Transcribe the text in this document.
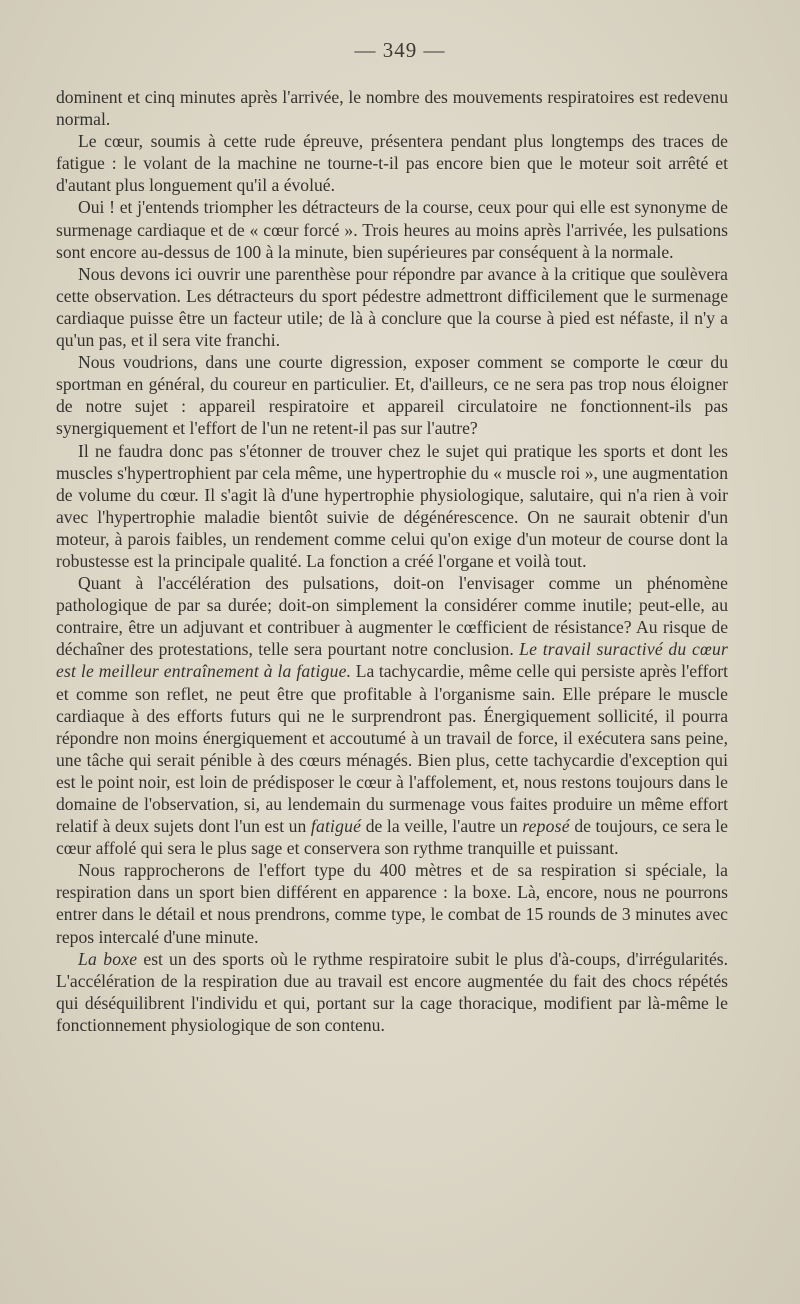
— 349 —

dominent et cinq minutes après l'arrivée, le nombre des mouvements respiratoires est redevenu normal.

Le cœur, soumis à cette rude épreuve, présentera pendant plus longtemps des traces de fatigue : le volant de la machine ne tourne-t-il pas encore bien que le moteur soit arrêté et d'autant plus longuement qu'il a évolué.

Oui ! et j'entends triompher les détracteurs de la course, ceux pour qui elle est synonyme de surmenage cardiaque et de « cœur forcé ». Trois heures au moins après l'arrivée, les pulsations sont encore au-dessus de 100 à la minute, bien supérieures par conséquent à la normale.

Nous devons ici ouvrir une parenthèse pour répondre par avance à la critique que soulèvera cette observation. Les détracteurs du sport pédestre admettront difficilement que le surmenage cardiaque puisse être un facteur utile; de là à conclure que la course à pied est néfaste, il n'y a qu'un pas, et il sera vite franchi.

Nous voudrions, dans une courte digression, exposer comment se comporte le cœur du sportman en général, du coureur en particulier. Et, d'ailleurs, ce ne sera pas trop nous éloigner de notre sujet : appareil respiratoire et appareil circulatoire ne fonctionnent-ils pas synergiquement et l'effort de l'un ne retent-il pas sur l'autre?

Il ne faudra donc pas s'étonner de trouver chez le sujet qui pratique les sports et dont les muscles s'hypertrophient par cela même, une hypertrophie du « muscle roi », une augmentation de volume du cœur. Il s'agit là d'une hypertrophie physiologique, salutaire, qui n'a rien à voir avec l'hypertrophie maladie bientôt suivie de dégénérescence. On ne saurait obtenir d'un moteur, à parois faibles, un rendement comme celui qu'on exige d'un moteur de course dont la robustesse est la principale qualité. La fonction a créé l'organe et voilà tout.

Quant à l'accélération des pulsations, doit-on l'envisager comme un phénomène pathologique de par sa durée; doit-on simplement la considérer comme inutile; peut-elle, au contraire, être un adjuvant et contribuer à augmenter le cœfficient de résistance? Au risque de déchaîner des protestations, telle sera pourtant notre conclusion. Le travail suractivé du cœur est le meilleur entraînement à la fatigue. La tachycardie, même celle qui persiste après l'effort et comme son reflet, ne peut être que profitable à l'organisme sain. Elle prépare le muscle cardiaque à des efforts futurs qui ne le surprendront pas. Énergiquement sollicité, il pourra répondre non moins énergiquement et accoutumé à un travail de force, il exécutera sans peine, une tâche qui serait pénible à des cœurs ménagés. Bien plus, cette tachycardie d'exception qui est le point noir, est loin de prédisposer le cœur à l'affolement, et, nous restons toujours dans le domaine de l'observation, si, au lendemain du surmenage vous faites produire un même effort relatif à deux sujets dont l'un est un fatigué de la veille, l'autre un reposé de toujours, ce sera le cœur affolé qui sera le plus sage et conservera son rythme tranquille et puissant.

Nous rapprocherons de l'effort type du 400 mètres et de sa respiration si spéciale, la respiration dans un sport bien différent en apparence : la boxe. Là, encore, nous ne pourrons entrer dans le détail et nous prendrons, comme type, le combat de 15 rounds de 3 minutes avec repos intercalé d'une minute.

La boxe est un des sports où le rythme respiratoire subit le plus d'à-coups, d'irrégularités. L'accélération de la respiration due au travail est encore augmentée du fait des chocs répétés qui déséquilibrent l'individu et qui, portant sur la cage thoracique, modifient par là-même le fonctionnement physiologique de son contenu.
